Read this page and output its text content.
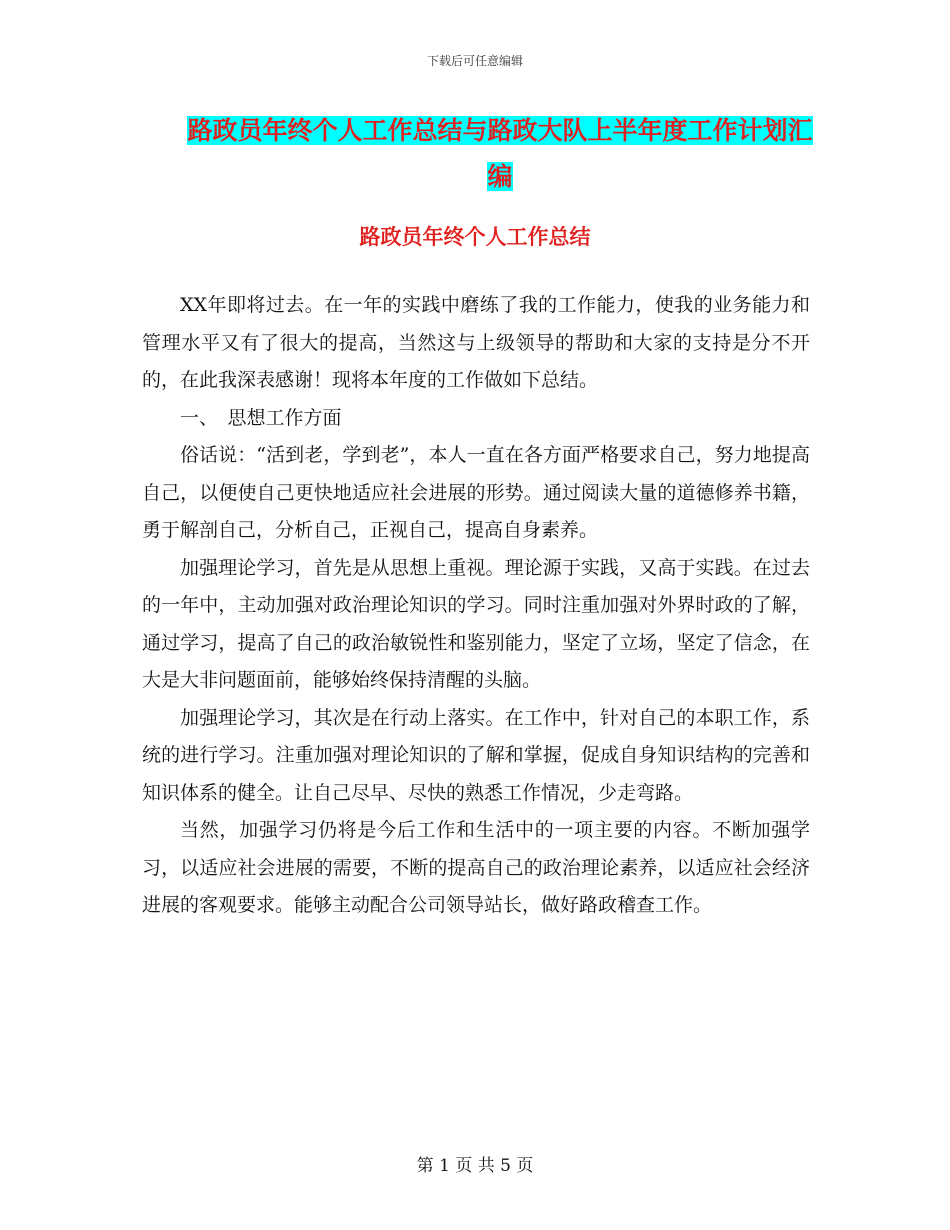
下载后可任意编辑
路政员年终个人工作总结与路政大队上半年度工作计划汇编
路政员年终个人工作总结

XX年即将过去。在一年的实践中磨练了我的工作能力，使我的业务能力和管理水平又有了很大的提高，当然这与上级领导的帮助和大家的支持是分不开的，在此我深表感谢！现将本年度的工作做如下总结。

一、　思想工作方面

俗话说：“活到老，学到老”，本人一直在各方面严格要求自己，努力地提高自己，以便使自己更快地适应社会进展的形势。通过阅读大量的道德修养书籍，勇于解剖自己，分析自己，正视自己，提高自身素养。

加强理论学习，首先是从思想上重视。理论源于实践，又高于实践。在过去的一年中，主动加强对政治理论知识的学习。同时注重加强对外界时政的了解，通过学习，提高了自己的政治敏锐性和鉴别能力，坚定了立场，坚定了信念，在大是大非问题面前，能够始终保持清醒的头脑。

加强理论学习，其次是在行动上落实。在工作中，针对自己的本职工作，系统的进行学习。注重加强对理论知识的了解和掌握，促成自身知识结构的完善和知识体系的健全。让自己尽早、尽快的熟悉工作情况，少走弯路。

当然，加强学习仍将是今后工作和生活中的一项主要的内容。不断加强学习，以适应社会进展的需要，不断的提高自己的政治理论素养，以适应社会经济进展的客观要求。能够主动配合公司领导站长，做好路政稽查工作。

第 1 页 共 5 页
